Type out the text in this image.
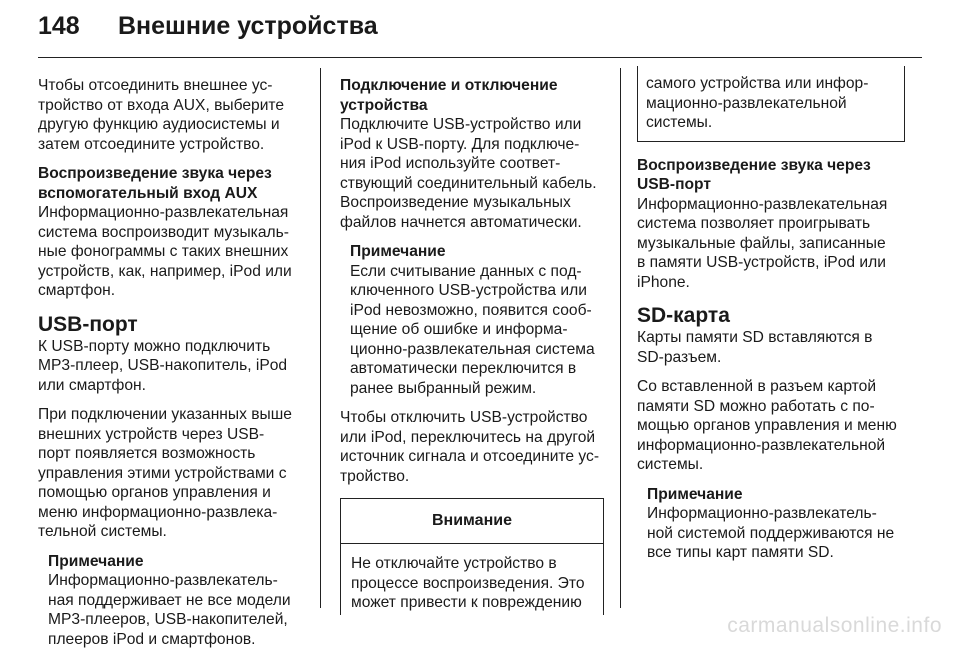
148 Внешние устройства

Чтобы отсоединить внешнее ус-
тройство от входа AUX, выберите
другую функцию аудиосистемы и
затем отсоедините устройство.

Воспроизведение звука через
вспомогательный вход AUX

Информационно-развлекательная
система воспроизводит музыкаль-
ные фонограммы с таких внешних
устройств, как, например, iPod или
смартфон.

USB-порт

К USB-порту можно подключить
MP3-плеер, USB-накопитель, iPod
или смартфон.

При подключении указанных выше
внешних устройств через USB-
порт появляется возможность
управления этими устройствами с
помощью органов управления и
меню информационно-развлека-
тельной системы.

Примечание
Информационно-развлекатель-
ная поддерживает не все модели
MP3-плееров, USB-накопителей,
плееров iPod и смартфонов.
Подключение и отключение
устройства

Подключите USB-устройство или
iPod к USB-порту. Для подключе-
ния iPod используйте соответ-
ствующий соединительный кабель.
Воспроизведение музыкальных
файлов начнется автоматически.

Примечание
Если считывание данных с под-
ключенного USB-устройства или
iPod невозможно, появится сооб-
щение об ошибке и информа-
ционно-развлекательная система
автоматически переключится в
ранее выбранный режим.

Чтобы отключить USB-устройство
или iPod, переключитесь на другой
источник сигнала и отсоедините ус-
тройство.

Внимание
Не отключайте устройство в
процессе воспроизведения. Это
может привести к повреждению
самого устройства или инфор-
мационно-развлекательной
системы.
Воспроизведение звука через
USB-порт

Информационно-развлекательная
система позволяет проигрывать
музыкальные файлы, записанные
в памяти USB-устройств, iPod или
iPhone.

SD-карта

Карты памяти SD вставляются в
SD-разъем.

Со вставленной в разъем картой
памяти SD можно работать с по-
мощью органов управления и меню
информационно-развлекательной
системы.

Примечание
Информационно-развлекатель-
ной системой поддерживаются не
все типы карт памяти SD.
carmanualsonline.info
